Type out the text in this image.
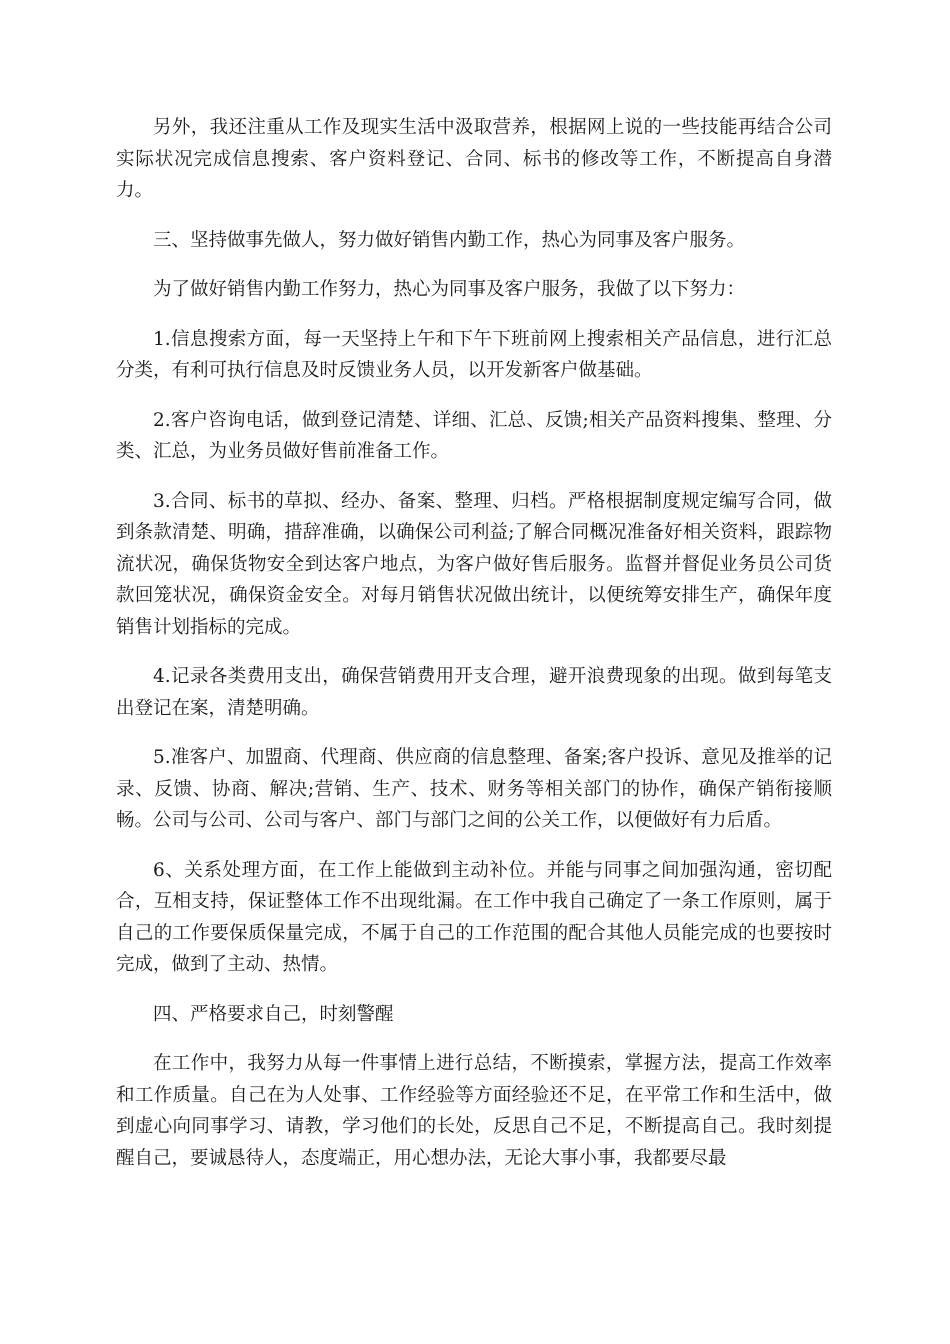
另外，我还注重从工作及现实生活中汲取营养，根据网上说的一些技能再结合公司实际状况完成信息搜索、客户资料登记、合同、标书的修改等工作，不断提高自身潜力。

三、坚持做事先做人，努力做好销售内勤工作，热心为同事及客户服务。

为了做好销售内勤工作努力，热心为同事及客户服务，我做了以下努力：

1.信息搜索方面，每一天坚持上午和下午下班前网上搜索相关产品信息，进行汇总分类，有利可执行信息及时反馈业务人员，以开发新客户做基础。

2.客户咨询电话，做到登记清楚、详细、汇总、反馈;相关产品资料搜集、整理、分类、汇总，为业务员做好售前准备工作。

3.合同、标书的草拟、经办、备案、整理、归档。严格根据制度规定编写合同，做到条款清楚、明确，措辞准确，以确保公司利益;了解合同概况准备好相关资料，跟踪物流状况，确保货物安全到达客户地点，为客户做好售后服务。监督并督促业务员公司货款回笼状况，确保资金安全。对每月销售状况做出统计，以便统筹安排生产，确保年度销售计划指标的完成。

4.记录各类费用支出，确保营销费用开支合理，避开浪费现象的出现。做到每笔支出登记在案，清楚明确。

5.准客户、加盟商、代理商、供应商的信息整理、备案;客户投诉、意见及推举的记录、反馈、协商、解决;营销、生产、技术、财务等相关部门的协作，确保产销衔接顺畅。公司与公司、公司与客户、部门与部门之间的公关工作，以便做好有力后盾。

6、关系处理方面，在工作上能做到主动补位。并能与同事之间加强沟通，密切配合，互相支持，保证整体工作不出现纰漏。在工作中我自己确定了一条工作原则，属于自己的工作要保质保量完成，不属于自己的工作范围的配合其他人员能完成的也要按时完成，做到了主动、热情。

四、严格要求自己，时刻警醒

在工作中，我努力从每一件事情上进行总结，不断摸索，掌握方法，提高工作效率和工作质量。自己在为人处事、工作经验等方面经验还不足，在平常工作和生活中，做到虚心向同事学习、请教，学习他们的长处，反思自己不足，不断提高自己。我时刻提醒自己，要诚恳待人，态度端正，用心想办法，无论大事小事，我都要尽最
